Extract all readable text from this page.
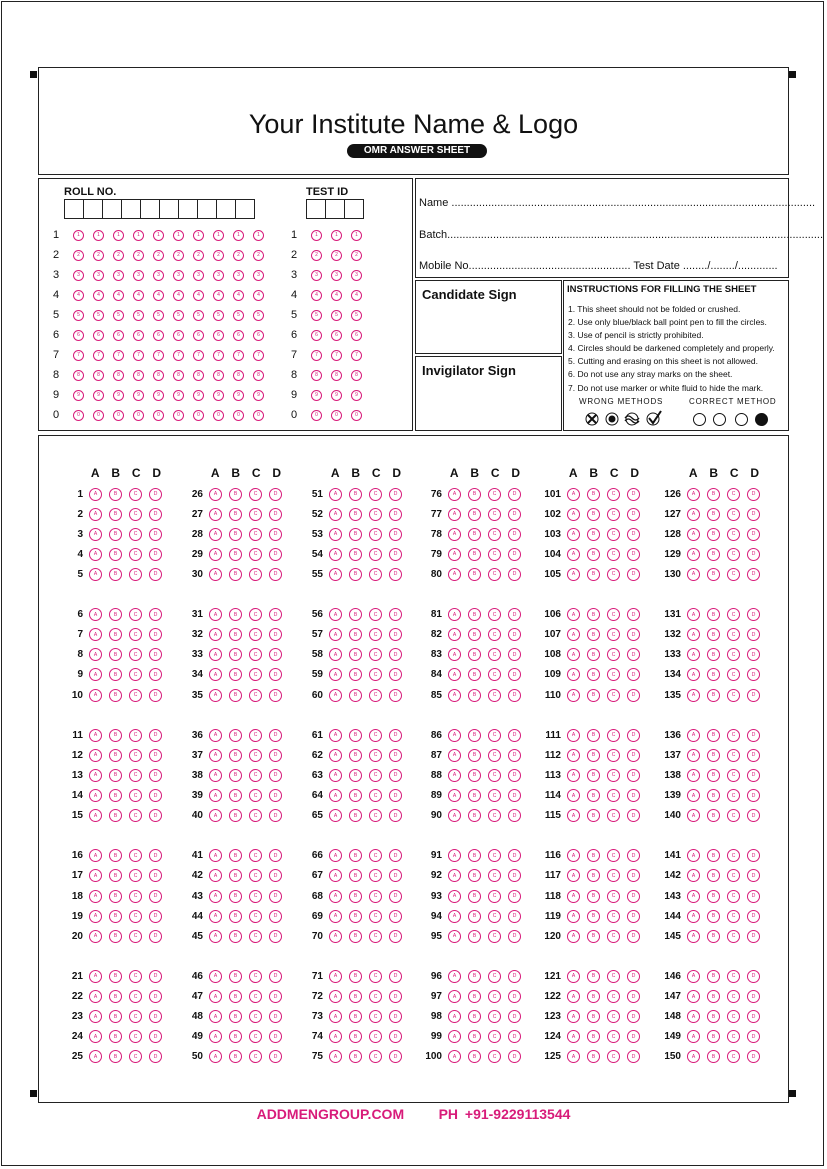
Your Institute Name & Logo
OMR ANSWER SHEET
ROLL NO.
1	1	1	1	1	1	1	1	1	1	1
2	2	2	2	2	2	2	2	2	2	2
3	3	3	3	3	3	3	3	3	3	3
4	4	4	4	4	4	4	4	4	4	4
5	5	5	5	5	5	5	5	5	5	5
6	6	6	6	6	6	6	6	6	6	6
7	7	7	7	7	7	7	7	7	7	7
8	8	8	8	8	8	8	8	8	8	8
9	9	9	9	9	9	9	9	9	9	9
0	0	0	0	0	0	0	0	0	0	0
TEST ID
1	1	1	1
2	2	2	2
3	3	3	3
4	4	4	4
5	5	5	5
6	6	6	6
7	7	7	7
8	8	8	8
9	9	9	9
0	0	0	0
Name .......................................................................................................................
Batch...........................................................................................................................
Mobile No..................................................... Test Date ......../......../.............
Candidate Sign
Invigilator Sign
INSTRUCTIONS FOR FILLING THE SHEET
1. This sheet should not be folded or crushed.
2. Use only blue/black ball point pen to fill the circles.
3. Use of pencil is strictly prohibited.
4. Circles should be darkened completely and properly.
5. Cutting and erasing on this sheet is not allowed.
6. Do not use any stray marks on the sheet.
7. Do not use marker or white fluid to hide the mark.
WRONG METHODS	CORRECT METHOD
A B C D
1	A	B	C	D
2	A	B	C	D
3	A	B	C	D
4	A	B	C	D
5	A	B	C	D
6	A	B	C	D
7	A	B	C	D
8	A	B	C	D
9	A	B	C	D
10	A	B	C	D
11	A	B	C	D
12	A	B	C	D
13	A	B	C	D
14	A	B	C	D
15	A	B	C	D
16	A	B	C	D
17	A	B	C	D
18	A	B	C	D
19	A	B	C	D
20	A	B	C	D
21	A	B	C	D
22	A	B	C	D
23	A	B	C	D
24	A	B	C	D
25	A	B	C	D
A B C D
26	A	B	C	D
27	A	B	C	D
28	A	B	C	D
29	A	B	C	D
30	A	B	C	D
31	A	B	C	D
32	A	B	C	D
33	A	B	C	D
34	A	B	C	D
35	A	B	C	D
36	A	B	C	D
37	A	B	C	D
38	A	B	C	D
39	A	B	C	D
40	A	B	C	D
41	A	B	C	D
42	A	B	C	D
43	A	B	C	D
44	A	B	C	D
45	A	B	C	D
46	A	B	C	D
47	A	B	C	D
48	A	B	C	D
49	A	B	C	D
50	A	B	C	D
A B C D
51	A	B	C	D
52	A	B	C	D
53	A	B	C	D
54	A	B	C	D
55	A	B	C	D
56	A	B	C	D
57	A	B	C	D
58	A	B	C	D
59	A	B	C	D
60	A	B	C	D
61	A	B	C	D
62	A	B	C	D
63	A	B	C	D
64	A	B	C	D
65	A	B	C	D
66	A	B	C	D
67	A	B	C	D
68	A	B	C	D
69	A	B	C	D
70	A	B	C	D
71	A	B	C	D
72	A	B	C	D
73	A	B	C	D
74	A	B	C	D
75	A	B	C	D
A B C D
76	A	B	C	D
77	A	B	C	D
78	A	B	C	D
79	A	B	C	D
80	A	B	C	D
81	A	B	C	D
82	A	B	C	D
83	A	B	C	D
84	A	B	C	D
85	A	B	C	D
86	A	B	C	D
87	A	B	C	D
88	A	B	C	D
89	A	B	C	D
90	A	B	C	D
91	A	B	C	D
92	A	B	C	D
93	A	B	C	D
94	A	B	C	D
95	A	B	C	D
96	A	B	C	D
97	A	B	C	D
98	A	B	C	D
99	A	B	C	D
100	A	B	C	D
A B C D
101	A	B	C	D
102	A	B	C	D
103	A	B	C	D
104	A	B	C	D
105	A	B	C	D
106	A	B	C	D
107	A	B	C	D
108	A	B	C	D
109	A	B	C	D
110	A	B	C	D
111	A	B	C	D
112	A	B	C	D
113	A	B	C	D
114	A	B	C	D
115	A	B	C	D
116	A	B	C	D
117	A	B	C	D
118	A	B	C	D
119	A	B	C	D
120	A	B	C	D
121	A	B	C	D
122	A	B	C	D
123	A	B	C	D
124	A	B	C	D
125	A	B	C	D
A B C D
126	A	B	C	D
127	A	B	C	D
128	A	B	C	D
129	A	B	C	D
130	A	B	C	D
131	A	B	C	D
132	A	B	C	D
133	A	B	C	D
134	A	B	C	D
135	A	B	C	D
136	A	B	C	D
137	A	B	C	D
138	A	B	C	D
139	A	B	C	D
140	A	B	C	D
141	A	B	C	D
142	A	B	C	D
143	A	B	C	D
144	A	B	C	D
145	A	B	C	D
146	A	B	C	D
147	A	B	C	D
148	A	B	C	D
149	A	B	C	D
150	A	B	C	D
ADDMENGROUP.COM PH +91-9229113544
